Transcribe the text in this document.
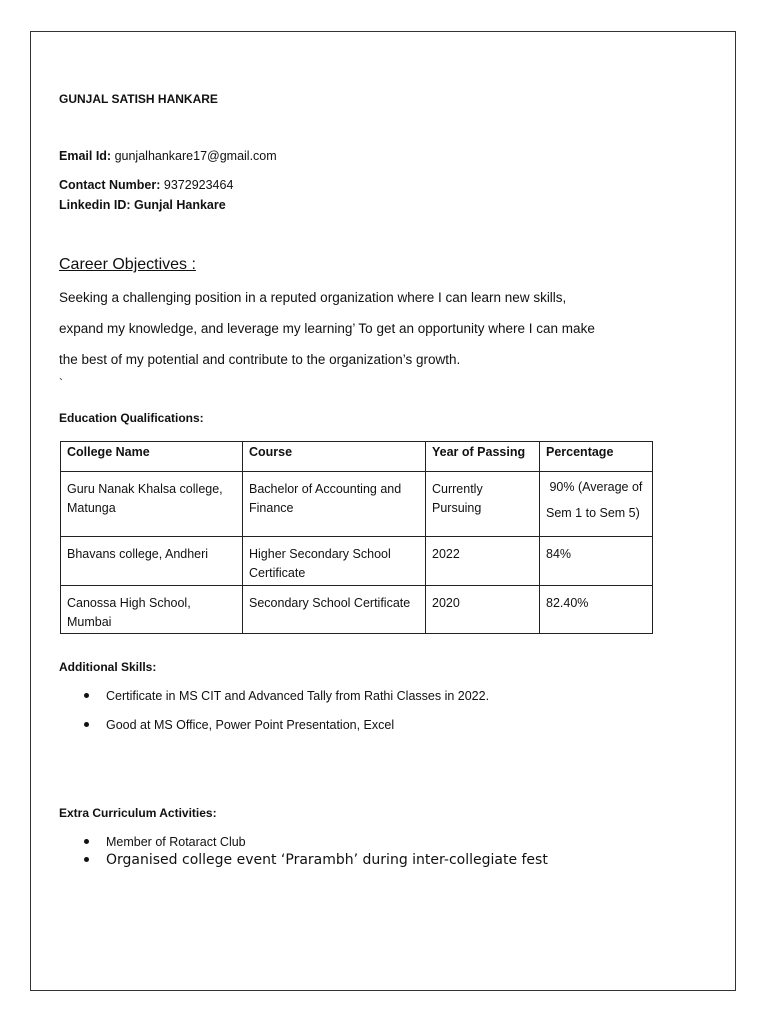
GUNJAL SATISH HANKARE
Email Id: gunjalhankare17@gmail.com
Contact Number: 9372923464
Linkedin ID: Gunjal Hankare
Career Objectives :
Seeking a challenging position in a reputed organization where I can learn new skills,
expand my knowledge, and leverage my learning’ To get an opportunity where I can make
the best of my potential and contribute to the organization’s growth.
`
Education Qualifications:
College Name	Course	Year of Passing	Percentage

Guru Nanak Khalsa college, Matunga	Bachelor of Accounting and Finance	Currently Pursuing	90% (Average of Sem 1 to Sem 5)

Bhavans college, Andheri	Higher Secondary School Certificate	2022	84%

Canossa High School, Mumbai	Secondary School Certificate	2020	82.40%
Additional Skills:
Certificate in MS CIT and Advanced Tally from Rathi Classes in 2022.
Good at MS Office, Power Point Presentation, Excel
Extra Curriculum Activities:
Member of Rotaract Club
Organised college event ‘Prarambh’ during inter-collegiate fest
